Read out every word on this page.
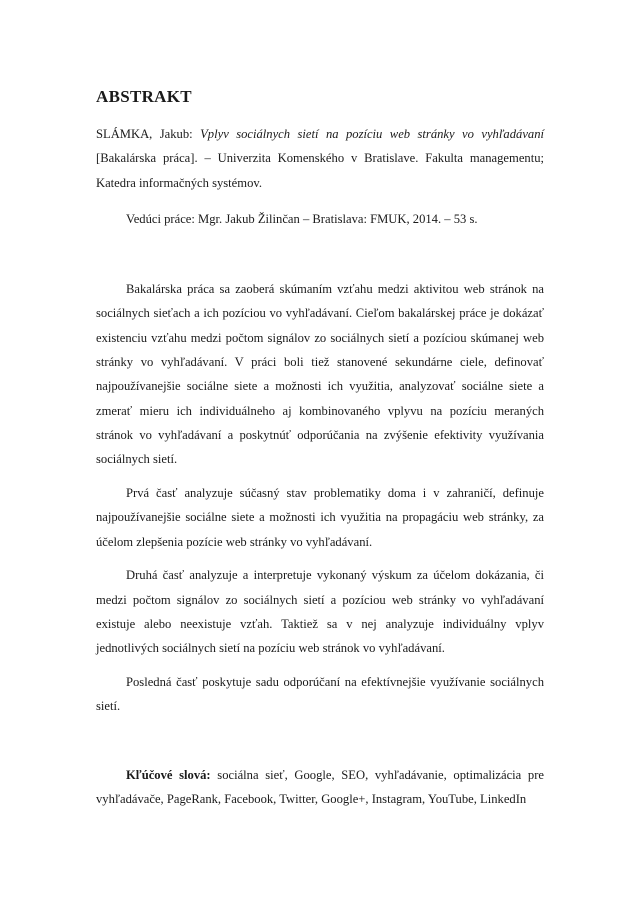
ABSTRAKT

SLÁMKA, Jakub: Vplyv sociálnych sietí na pozíciu web stránky vo vyhľadávaní [Bakalárska práca]. – Univerzita Komenského v Bratislave. Fakulta managementu; Katedra informačných systémov.

Vedúci práce: Mgr. Jakub Žilinčan – Bratislava: FMUK, 2014. – 53 s.

Bakalárska práca sa zaoberá skúmaním vzťahu medzi aktivitou web stránok na sociálnych sieťach a ich pozíciou vo vyhľadávaní. Cieľom bakalárskej práce je dokázať existenciu vzťahu medzi počtom signálov zo sociálnych sietí a pozíciou skúmanej web stránky vo vyhľadávaní. V práci boli tiež stanovené sekundárne ciele, definovať najpoužívanejšie sociálne siete a možnosti ich využitia, analyzovať sociálne siete a zmerať mieru ich individuálneho aj kombinovaného vplyvu na pozíciu meraných stránok vo vyhľadávaní a poskytnúť odporúčania na zvýšenie efektivity využívania sociálnych sietí.

Prvá časť analyzuje súčasný stav problematiky doma i v zahraničí, definuje najpoužívanejšie sociálne siete a možnosti ich využitia na propagáciu web stránky, za účelom zlepšenia pozície web stránky vo vyhľadávaní.

Druhá časť analyzuje a interpretuje vykonaný výskum za účelom dokázania, či medzi počtom signálov zo sociálnych sietí a pozíciou web stránky vo vyhľadávaní existuje alebo neexistuje vzťah. Taktiež sa v nej analyzuje individuálny vplyv jednotlivých sociálnych sietí na pozíciu web stránok vo vyhľadávaní.

Posledná časť poskytuje sadu odporúčaní na efektívnejšie využívanie sociálnych sietí.

Kľúčové slová: sociálna sieť, Google, SEO, vyhľadávanie, optimalizácia pre vyhľadávače, PageRank, Facebook, Twitter, Google+, Instagram, YouTube, LinkedIn
